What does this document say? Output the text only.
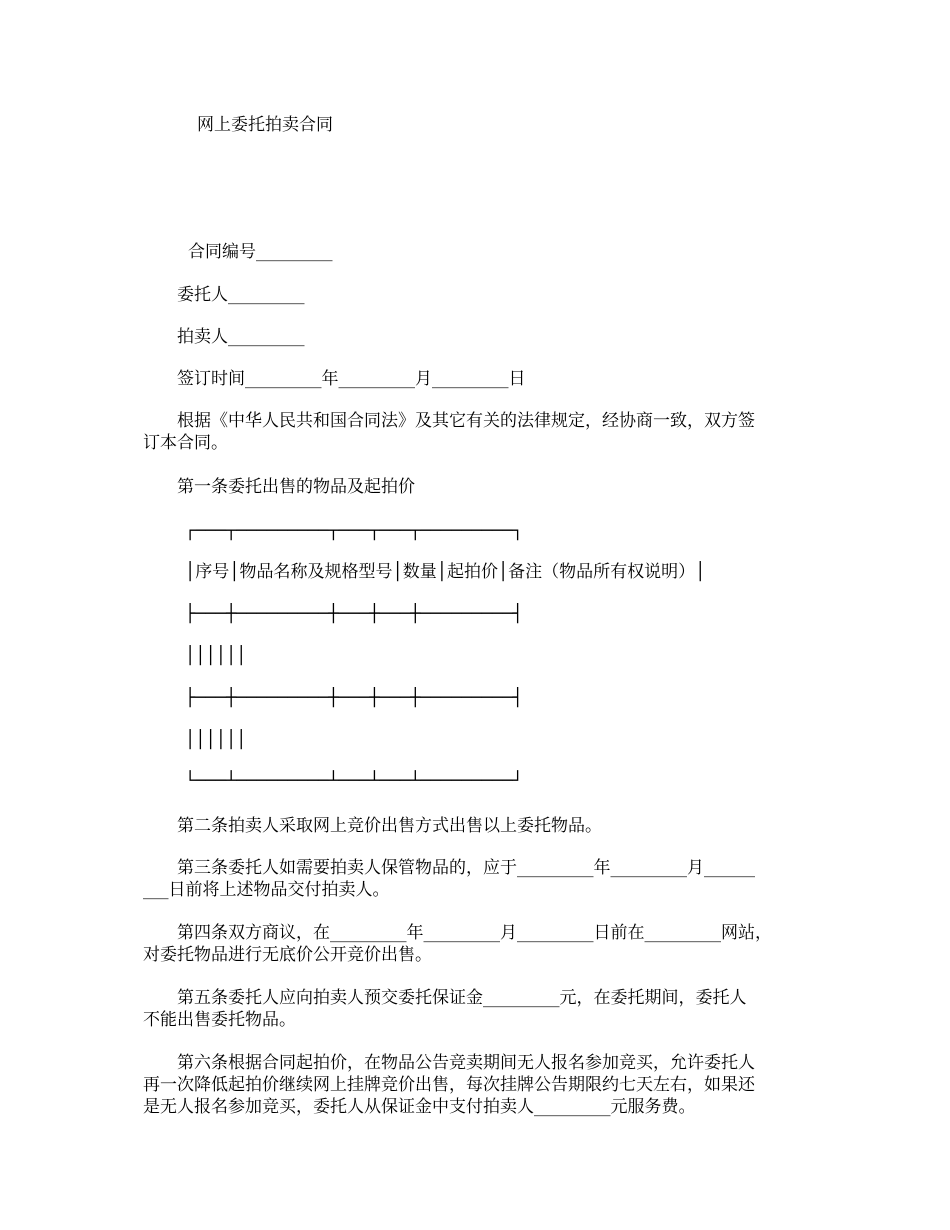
网上委托拍卖合同
合同编号_________
委托人_________
拍卖人_________
签订时间_________年_________月_________日
根据《中华人民共和国合同法》及其它有关的法律规定，经协商一致，双方签
订本合同。
第一条委托出售的物品及起拍价
┌───┬─────────┬───┬───┬─────────┐
│序号│物品名称及规格型号│数量│起拍价│备注（物品所有权说明）│
├───┼─────────┼───┼───┼─────────┤
││││││
├───┼─────────┼───┼───┼─────────┤
││││││
└───┴─────────┴───┴───┴─────────┘
第二条拍卖人采取网上竞价出售方式出售以上委托物品。
第三条委托人如需要拍卖人保管物品的，应于_________年_________月______
___日前将上述物品交付拍卖人。
第四条双方商议，在_________年_________月_________日前在_________网站，
对委托物品进行无底价公开竞价出售。
第五条委托人应向拍卖人预交委托保证金_________元，在委托期间，委托人
不能出售委托物品。
第六条根据合同起拍价，在物品公告竞卖期间无人报名参加竞买，允许委托人
再一次降低起拍价继续网上挂牌竞价出售，每次挂牌公告期限约七天左右，如果还
是无人报名参加竞买，委托人从保证金中支付拍卖人_________元服务费。
